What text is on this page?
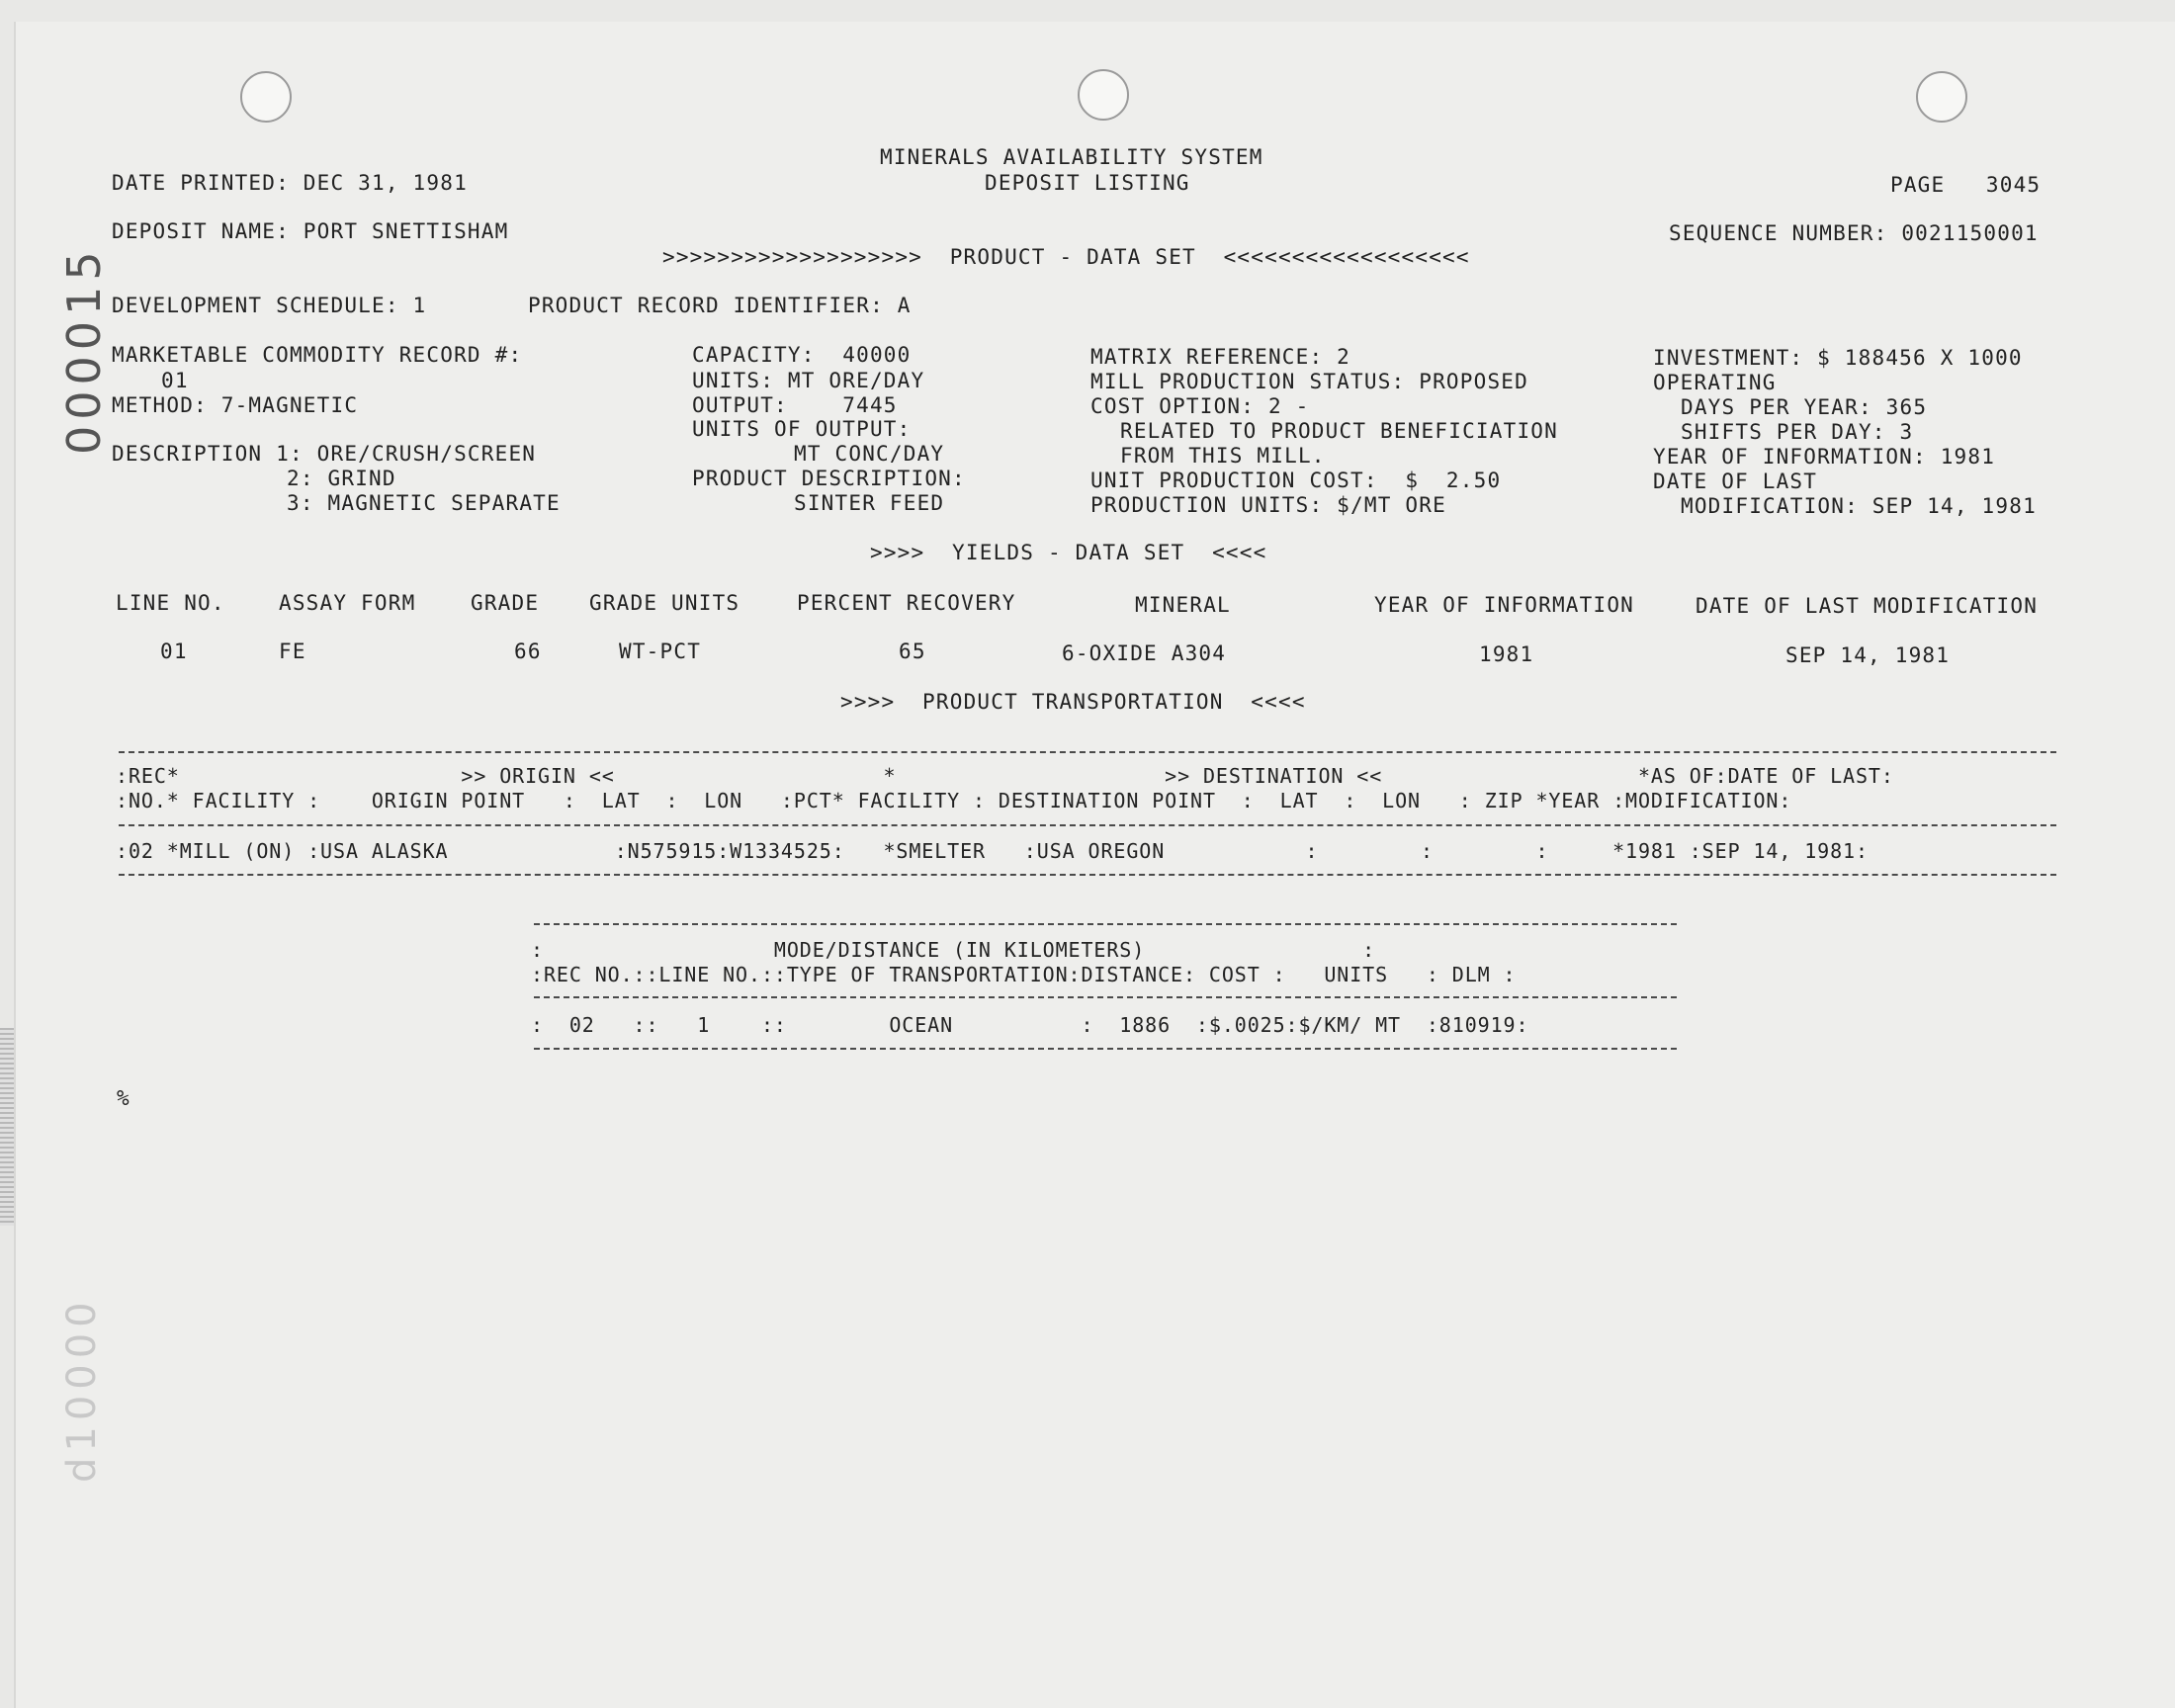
000015
d10000
MINERALS AVAILABILITY SYSTEM
DEPOSIT LISTING
DATE PRINTED: DEC 31, 1981	PAGE   3045
DEPOSIT NAME: PORT SNETTISHAM	SEQUENCE NUMBER: 0021150001
>>>>>>>>>>>>>>>>>>>  PRODUCT - DATA SET  <<<<<<<<<<<<<<<<<<
DEVELOPMENT SCHEDULE: 1	PRODUCT RECORD IDENTIFIER: A
MARKETABLE COMMODITY RECORD #:
01
METHOD: 7-MAGNETIC
DESCRIPTION 1: ORE/CRUSH/SCREEN
2: GRIND
3: MAGNETIC SEPARATE
CAPACITY:  40000
UNITS: MT ORE/DAY
OUTPUT:    7445
UNITS OF OUTPUT:
MT CONC/DAY
PRODUCT DESCRIPTION:
SINTER FEED
MATRIX REFERENCE: 2
MILL PRODUCTION STATUS: PROPOSED
COST OPTION: 2 -
RELATED TO PRODUCT BENEFICIATION
FROM THIS MILL.
UNIT PRODUCTION COST:  $  2.50
PRODUCTION UNITS: $/MT ORE
INVESTMENT: $ 188456 X 1000
OPERATING
DAYS PER YEAR: 365
SHIFTS PER DAY: 3
YEAR OF INFORMATION: 1981
DATE OF LAST
MODIFICATION: SEP 14, 1981
>>>>  YIELDS - DATA SET  <<<<
LINE NO.	ASSAY FORM	GRADE GRADE UNITS	PERCENT RECOVERY	MINERAL	YEAR OF INFORMATION	DATE OF LAST MODIFICATION
01	FE	66	WT-PCT	65	6-OXIDE A304	1981	SEP 14, 1981
>>>>  PRODUCT TRANSPORTATION  <<<<
:REC*                      >> ORIGIN <<                     *                     >> DESTINATION <<                    *AS OF:DATE OF LAST:
:NO.* FACILITY :    ORIGIN POINT   :  LAT  :  LON   :PCT* FACILITY : DESTINATION POINT  :  LAT  :  LON   : ZIP *YEAR :MODIFICATION:
:02 *MILL (ON) :USA ALASKA             :N575915:W1334525:   *SMELTER   :USA OREGON           :        :        :     *1981 :SEP 14, 1981:
:                  MODE/DISTANCE (IN KILOMETERS)                 :
:REC NO.::LINE NO.::TYPE OF TRANSPORTATION:DISTANCE: COST :   UNITS   : DLM :
:  02   ::   1    ::        OCEAN          :  1886  :$.0025:$/KM/ MT  :810919:
%
